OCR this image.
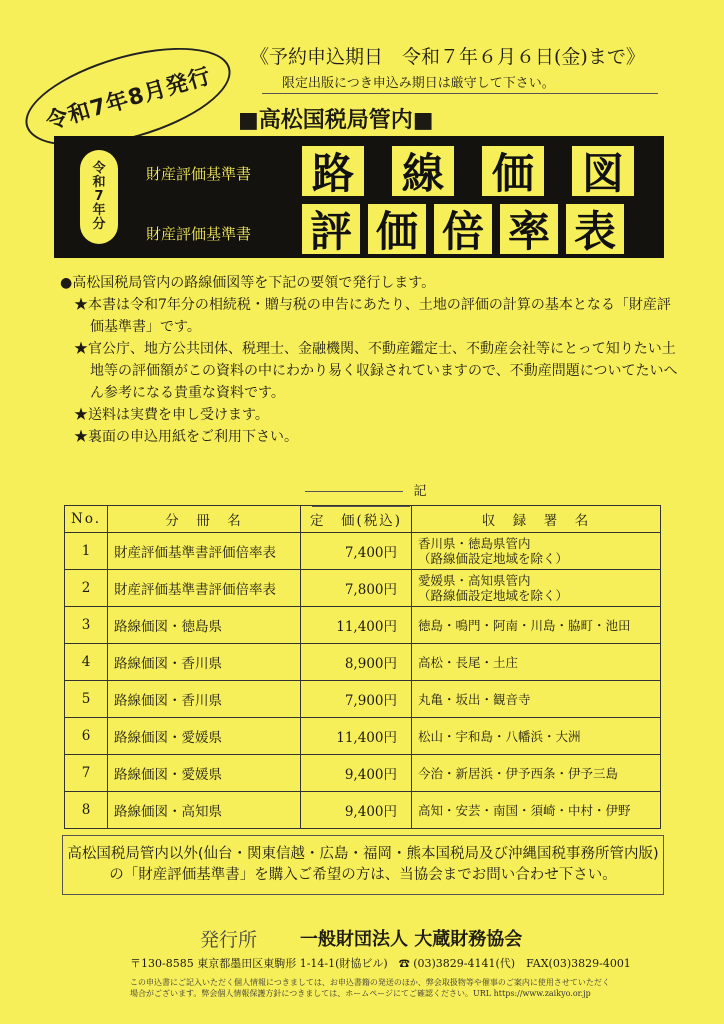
令和7年8月発行
《予約申込期日　令和７年６月６日(金)まで》
限定出版につき申込み期日は厳守して下さい。
■高松国税局管内■
令
和
7
年
分
財産評価基準書
財産評価基準書
路 線 価 図
評 価 倍 率 表

●高松国税局管内の路線価図等を下記の要領で発行します。

★本書は令和7年分の相続税・贈与税の申告にあたり、土地の評価の計算の基本となる「財産評価基準書」です。

★官公庁、地方公共団体、税理士、金融機関、不動産鑑定士、不動産会社等にとって知りたい土地等の評価額がこの資料の中にわかり易く収録されていますので、不動産問題についてたいへん参考になる貴重な資料です。

★送料は実費を申し受けます。

★裏面の申込用紙をご利用下さい。

記
No.	分　冊　名	定　価(税込)	収　録　署　名
1	財産評価基準書評価倍率表	7,400円	香川県・徳島県管内
（路線価設定地域を除く）
2	財産評価基準書評価倍率表	7,800円	愛媛県・高知県管内
（路線価設定地域を除く）
3	路線価図・徳島県	11,400円	徳島・鳴門・阿南・川島・脇町・池田
4	路線価図・香川県	8,900円	高松・長尾・土庄
5	路線価図・香川県	7,900円	丸亀・坂出・観音寺
6	路線価図・愛媛県	11,400円	松山・宇和島・八幡浜・大洲
7	路線価図・愛媛県	9,400円	今治・新居浜・伊予西条・伊予三島
8	路線価図・高知県	9,400円	高知・安芸・南国・須崎・中村・伊野
高松国税局管内以外(仙台・関東信越・広島・福岡・熊本国税局及び沖縄国税事務所管内版)の「財産評価基準書」を購入ご希望の方は、当協会までお問い合わせ下さい。
発行所 一般財団法人 大蔵財務協会
〒130-8585 東京都墨田区東駒形 1-14-1(財協ビル)　☎ (03)3829-4141(代)　FAX(03)3829-4001
この申込書にご記入いただく個人情報につきましては、お申込書籍の発送のほか、弊会取扱物等や催事のご案内に使用させていただく場合がございます。弊会個人情報保護方針につきましては、ホームページにてご確認ください。URL https://www.zaikyo.or.jp
